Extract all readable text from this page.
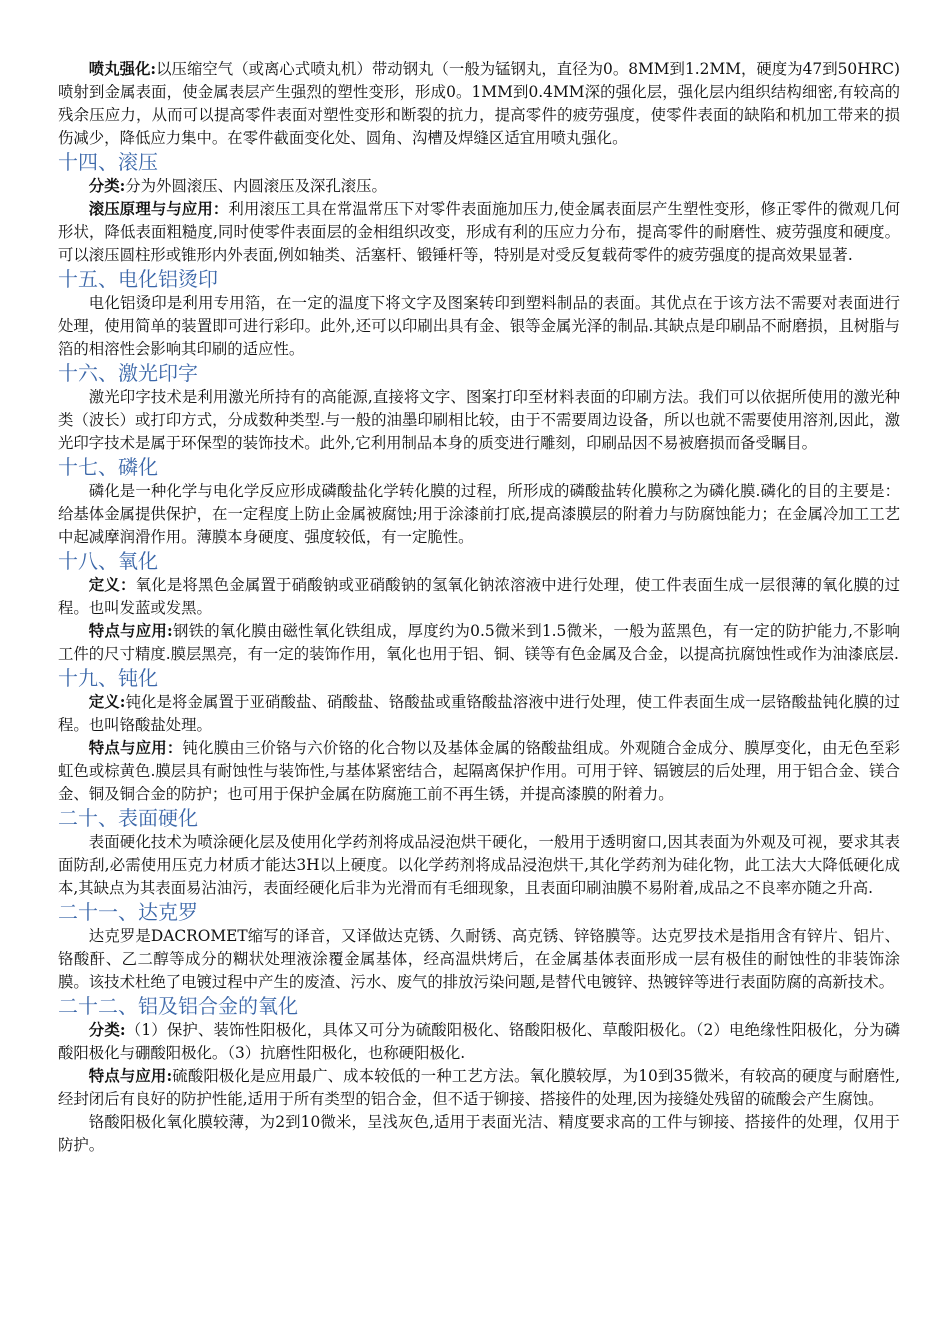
喷丸强化:以压缩空气（或离心式喷丸机）带动钢丸（一般为锰钢丸，直径为0。8MM到1.2MM，硬度为47到50HRC)喷射到金属表面，使金属表层产生强烈的塑性变形，形成0。1MM到0.4MM深的强化层，强化层内组织结构细密,有较高的残余压应力，从而可以提高零件表面对塑性变形和断裂的抗力，提高零件的疲劳强度，使零件表面的缺陷和机加工带来的损伤减少，降低应力集中。在零件截面变化处、圆角、沟槽及焊缝区适宜用喷丸强化。

十四、滚压

分类:分为外圆滚压、内圆滚压及深孔滚压。

滚压原理与与应用：利用滚压工具在常温常压下对零件表面施加压力,使金属表面层产生塑性变形，修正零件的微观几何形状，降低表面粗糙度,同时使零件表面层的金相组织改变，形成有利的压应力分布，提高零件的耐磨性、疲劳强度和硬度。可以滚压圆柱形或锥形内外表面,例如轴类、活塞杆、锻锤杆等，特别是对受反复载荷零件的疲劳强度的提高效果显著.

十五、电化铝烫印

电化铝烫印是利用专用箔，在一定的温度下将文字及图案转印到塑料制品的表面。其优点在于该方法不需要对表面进行处理，使用简单的装置即可进行彩印。此外,还可以印刷出具有金、银等金属光泽的制品.其缺点是印刷品不耐磨损，且树脂与箔的相溶性会影响其印刷的适应性。

十六、激光印字

激光印字技术是利用激光所持有的高能源,直接将文字、图案打印至材料表面的印刷方法。我们可以依据所使用的激光种类（波长）或打印方式，分成数种类型.与一般的油墨印刷相比较，由于不需要周边设备，所以也就不需要使用溶剂,因此，激光印字技术是属于环保型的装饰技术。此外,它利用制品本身的质变进行雕刻，印刷品因不易被磨损而备受瞩目。

十七、磷化

磷化是一种化学与电化学反应形成磷酸盐化学转化膜的过程，所形成的磷酸盐转化膜称之为磷化膜.磷化的目的主要是：给基体金属提供保护，在一定程度上防止金属被腐蚀;用于涂漆前打底,提高漆膜层的附着力与防腐蚀能力；在金属冷加工工艺中起减摩润滑作用。薄膜本身硬度、强度较低，有一定脆性。

十八、氧化

定义：氧化是将黑色金属置于硝酸钠或亚硝酸钠的氢氧化钠浓溶液中进行处理，使工件表面生成一层很薄的氧化膜的过程。也叫发蓝或发黑。

特点与应用:钢铁的氧化膜由磁性氧化铁组成，厚度约为0.5微米到1.5微米，一般为蓝黑色，有一定的防护能力,不影响工件的尺寸精度.膜层黑亮，有一定的装饰作用，氧化也用于铝、铜、镁等有色金属及合金，以提高抗腐蚀性或作为油漆底层.

十九、钝化

定义:钝化是将金属置于亚硝酸盐、硝酸盐、铬酸盐或重铬酸盐溶液中进行处理，使工件表面生成一层铬酸盐钝化膜的过程。也叫铬酸盐处理。

特点与应用：钝化膜由三价铬与六价铬的化合物以及基体金属的铬酸盐组成。外观随合金成分、膜厚变化，由无色至彩虹色或棕黄色.膜层具有耐蚀性与装饰性,与基体紧密结合，起隔离保护作用。可用于锌、镉镀层的后处理，用于铝合金、镁合金、铜及铜合金的防护；也可用于保护金属在防腐施工前不再生锈，并提高漆膜的附着力。

二十、表面硬化

表面硬化技术为喷涂硬化层及使用化学药剂将成品浸泡烘干硬化，一般用于透明窗口,因其表面为外观及可视，要求其表面防刮,必需使用压克力材质才能达3H以上硬度。以化学药剂将成品浸泡烘干,其化学药剂为硅化物，此工法大大降低硬化成本,其缺点为其表面易沾油污，表面经硬化后非为光滑而有毛细现象，且表面印刷油膜不易附着,成品之不良率亦随之升高.

二十一、达克罗

达克罗是DACROMET缩写的译音，又译做达克锈、久耐锈、高克锈、锌铬膜等。达克罗技术是指用含有锌片、铝片、铬酸酐、乙二醇等成分的糊状处理液涂覆金属基体，经高温烘烤后，在金属基体表面形成一层有极佳的耐蚀性的非装饰涂膜。该技术杜绝了电镀过程中产生的废渣、污水、废气的排放污染问题,是替代电镀锌、热镀锌等进行表面防腐的高新技术。

二十二、铝及铝合金的氧化

分类:（1）保护、装饰性阳极化，具体又可分为硫酸阳极化、铬酸阳极化、草酸阳极化。（2）电绝缘性阳极化，分为磷酸阳极化与硼酸阳极化。（3）抗磨性阳极化，也称硬阳极化.

特点与应用:硫酸阳极化是应用最广、成本较低的一种工艺方法。氧化膜较厚，为10到35微米，有较高的硬度与耐磨性,经封闭后有良好的防护性能,适用于所有类型的铝合金，但不适于铆接、搭接件的处理,因为接缝处残留的硫酸会产生腐蚀。

铬酸阳极化氧化膜较薄，为2到10微米，呈浅灰色,适用于表面光洁、精度要求高的工件与铆接、搭接件的处理，仅用于防护。
